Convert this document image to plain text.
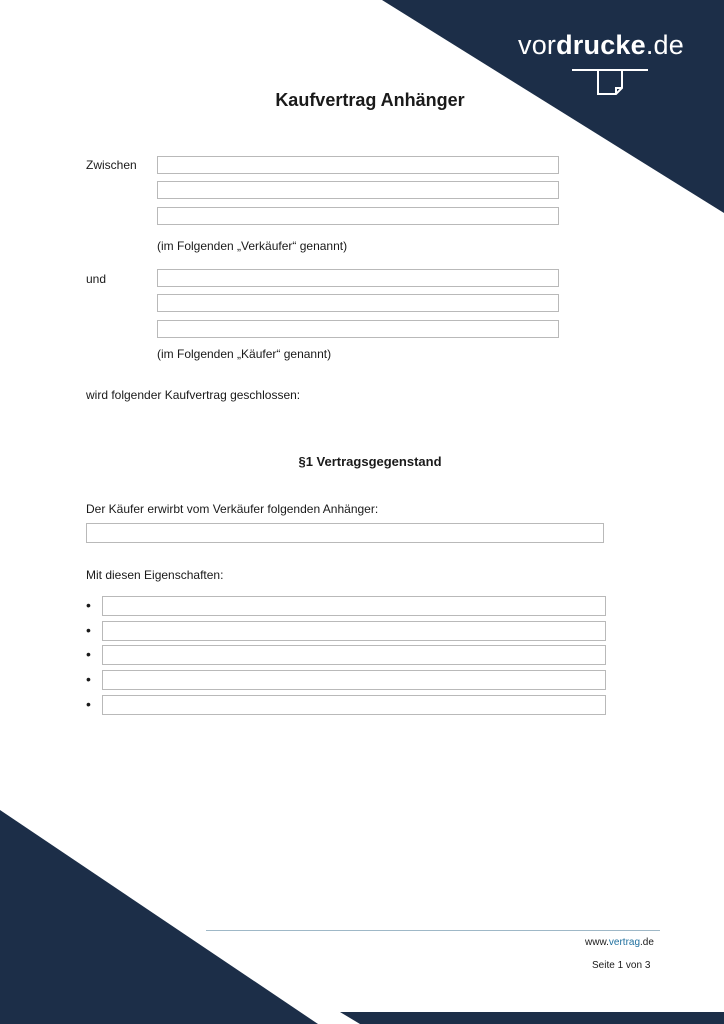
vordrucke.de
Kaufvertrag Anhänger
Zwischen
(im Folgenden „Verkäufer“ genannt)
und
(im Folgenden „Käufer“ genannt)
wird folgender Kaufvertrag geschlossen:
§1 Vertragsgegenstand
Der Käufer erwirbt vom Verkäufer folgenden Anhänger:
Mit diesen Eigenschaften:
•
•
•
•
•
www.vertrag.de
Seite 1 von 3
